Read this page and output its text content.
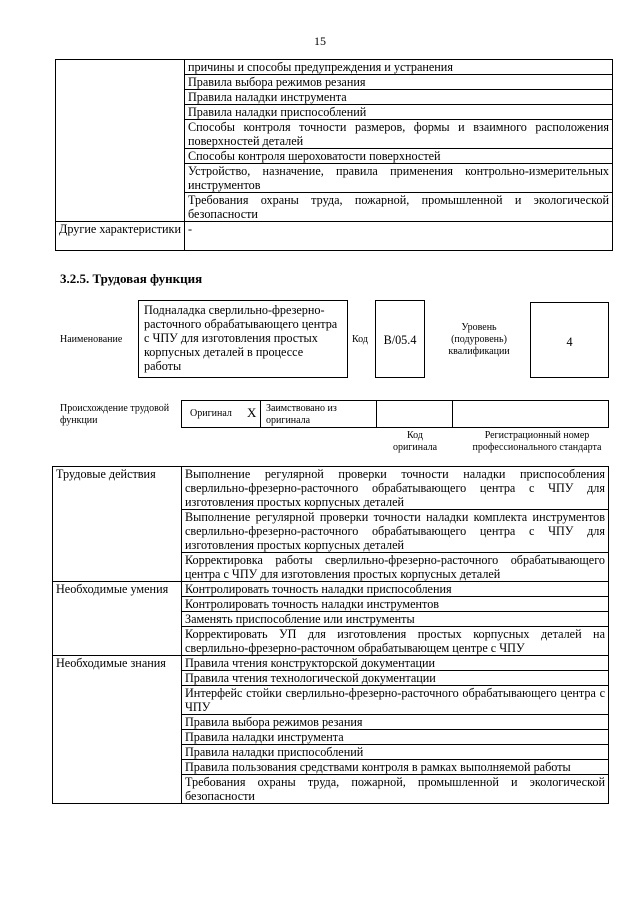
15
	причины и способы предупреждения и устранения
	Правила выбора режимов резания
	Правила наладки инструмента
	Правила наладки приспособлений
	Способы контроля точности размеров, формы и взаимного расположения поверхностей деталей
	Способы контроля шероховатости поверхностей
	Устройство, назначение, правила применения контрольно-измерительных инструментов
	Требования охраны труда, пожарной, промышленной и экологической безопасности
Другие характеристики	-
3.2.5. Трудовая функция
Наименование
Подналадка сверлильно-фрезерно-расточного обрабатывающего центра с ЧПУ для изготовления простых корпусных деталей в процессе работы
Код	B/05.4
Уровень (подуровень) квалификации
4
Происхождение трудовой функции
Оригинал X Заимствовано из оригинала
Код оригинала
Регистрационный номер профессионального стандарта
Трудовые действия	Выполнение регулярной проверки точности наладки приспособления сверлильно-фрезерно-расточного обрабатывающего центра с ЧПУ для изготовления простых корпусных деталей
	Выполнение регулярной проверки точности наладки комплекта инструментов сверлильно-фрезерно-расточного обрабатывающего центра с ЧПУ для изготовления простых корпусных деталей
	Корректировка работы сверлильно-фрезерно-расточного обрабатывающего центра с ЧПУ для изготовления простых корпусных деталей
Необходимые умения	Контролировать точность наладки приспособления
	Контролировать точность наладки инструментов
	Заменять приспособление или инструменты
	Корректировать УП для изготовления простых корпусных деталей на сверлильно-фрезерно-расточном обрабатывающем центре с ЧПУ
Необходимые знания	Правила чтения конструкторской документации
	Правила чтения технологической документации
	Интерфейс стойки сверлильно-фрезерно-расточного обрабатывающего центра с ЧПУ
	Правила выбора режимов резания
	Правила наладки инструмента
	Правила наладки приспособлений
	Правила пользования средствами контроля в рамках выполняемой работы
	Требования охраны труда, пожарной, промышленной и экологической безопасности
